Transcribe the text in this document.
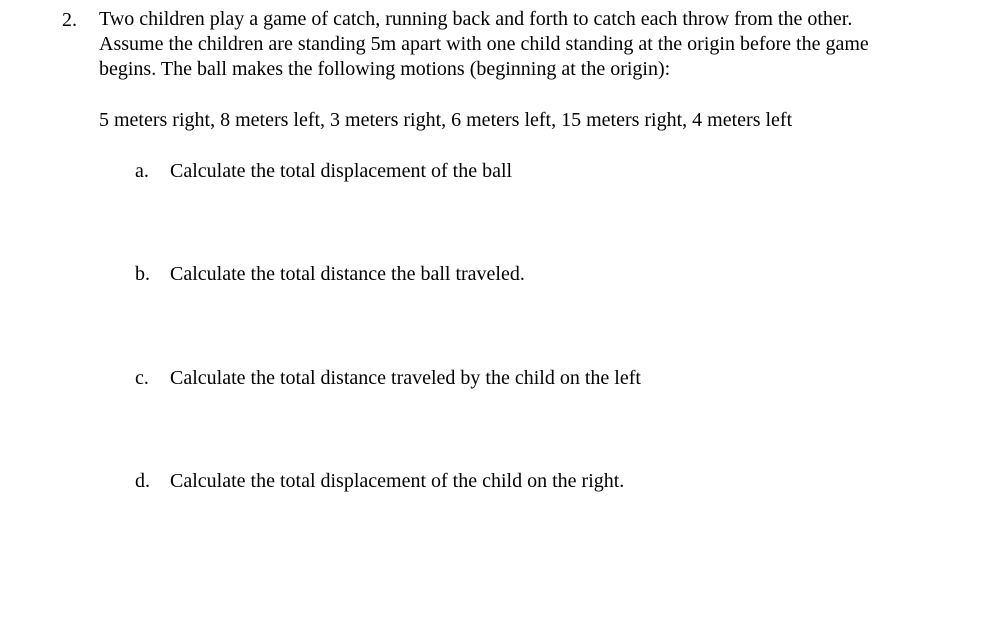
2. Two children play a game of catch, running back and forth to catch each throw from the other.

Assume the children are standing 5m apart with one child standing at the origin before the game

begins. The ball makes the following motions (beginning at the origin):

5 meters right, 8 meters left, 3 meters right, 6 meters left, 15 meters right, 4 meters left
a. Calculate the total displacement of the ball
b. Calculate the total distance the ball traveled.
c. Calculate the total distance traveled by the child on the left
d. Calculate the total displacement of the child on the right.
